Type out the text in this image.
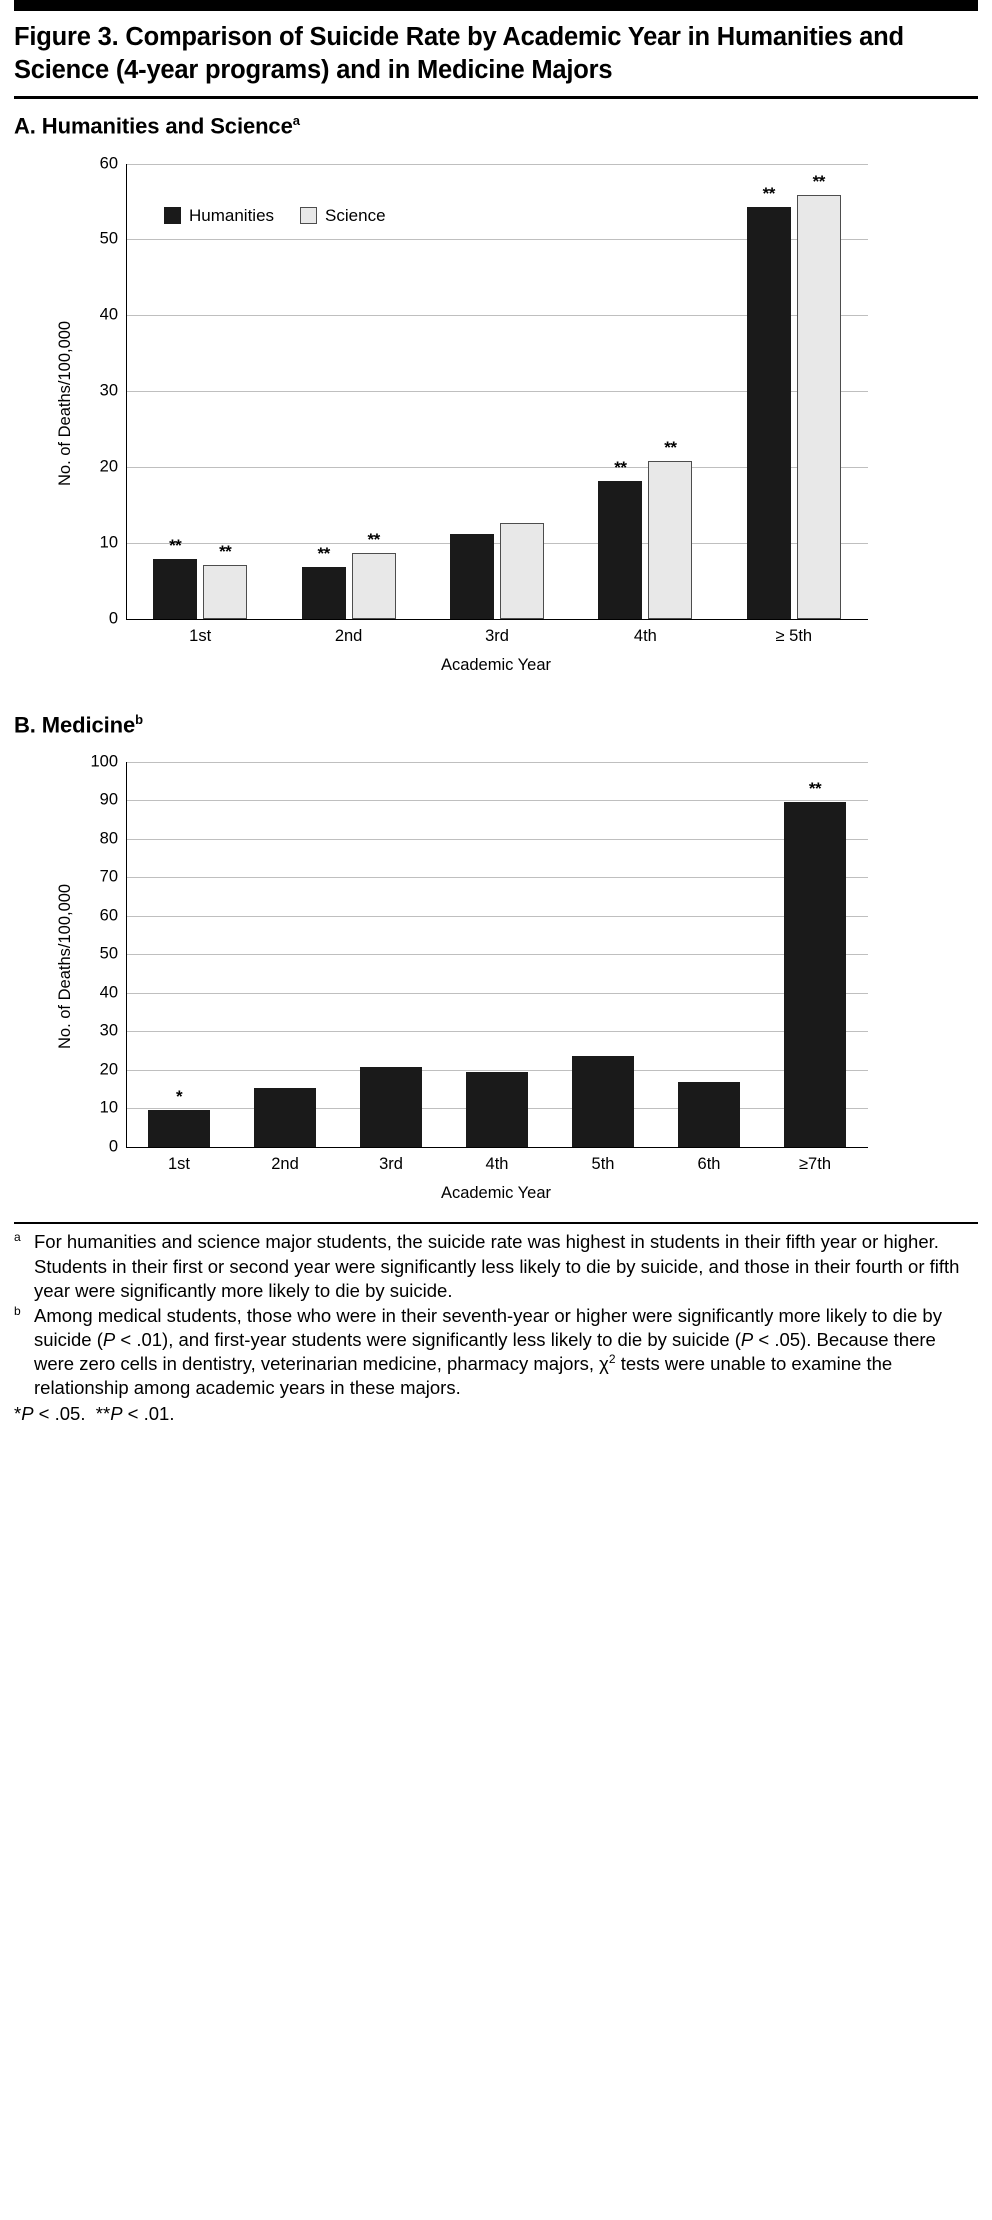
Figure 3. Comparison of Suicide Rate by Academic Year in Humanities and Science (4-year programs) and in Medicine Majors
A. Humanities and Science$^a$
No. of Deaths/100,000
0
10
20
30
40
50
60
** **
1st
**
**
2nd	3rd
**
**
4th
**
**
≥ 5th
Humanities	Science
Academic Year
B. Medicine$^b$
No. of Deaths/100,000
0
10
20
30
40
50
60
70
80
90
100
*
1st	2nd	3rd	4th	5th	6th
**
≥7th
Academic Year

$^a$ For humanities and science major students, the suicide rate was highest in students in their fifth year or higher. Students in their first or second year were significantly less likely to die by suicide, and those in their fourth or fifth year were significantly more likely to die by suicide.

$^b$ Among medical students, those who were in their seventh-year or higher were significantly more likely to die by suicide (P < .01), and first-year students were significantly less likely to die by suicide (P < .05). Because there were zero cells in dentistry, veterinarian medicine, pharmacy majors, $\chi^2$ tests were unable to examine the relationship among academic years in these majors.

*P < .05. **P < .01.
